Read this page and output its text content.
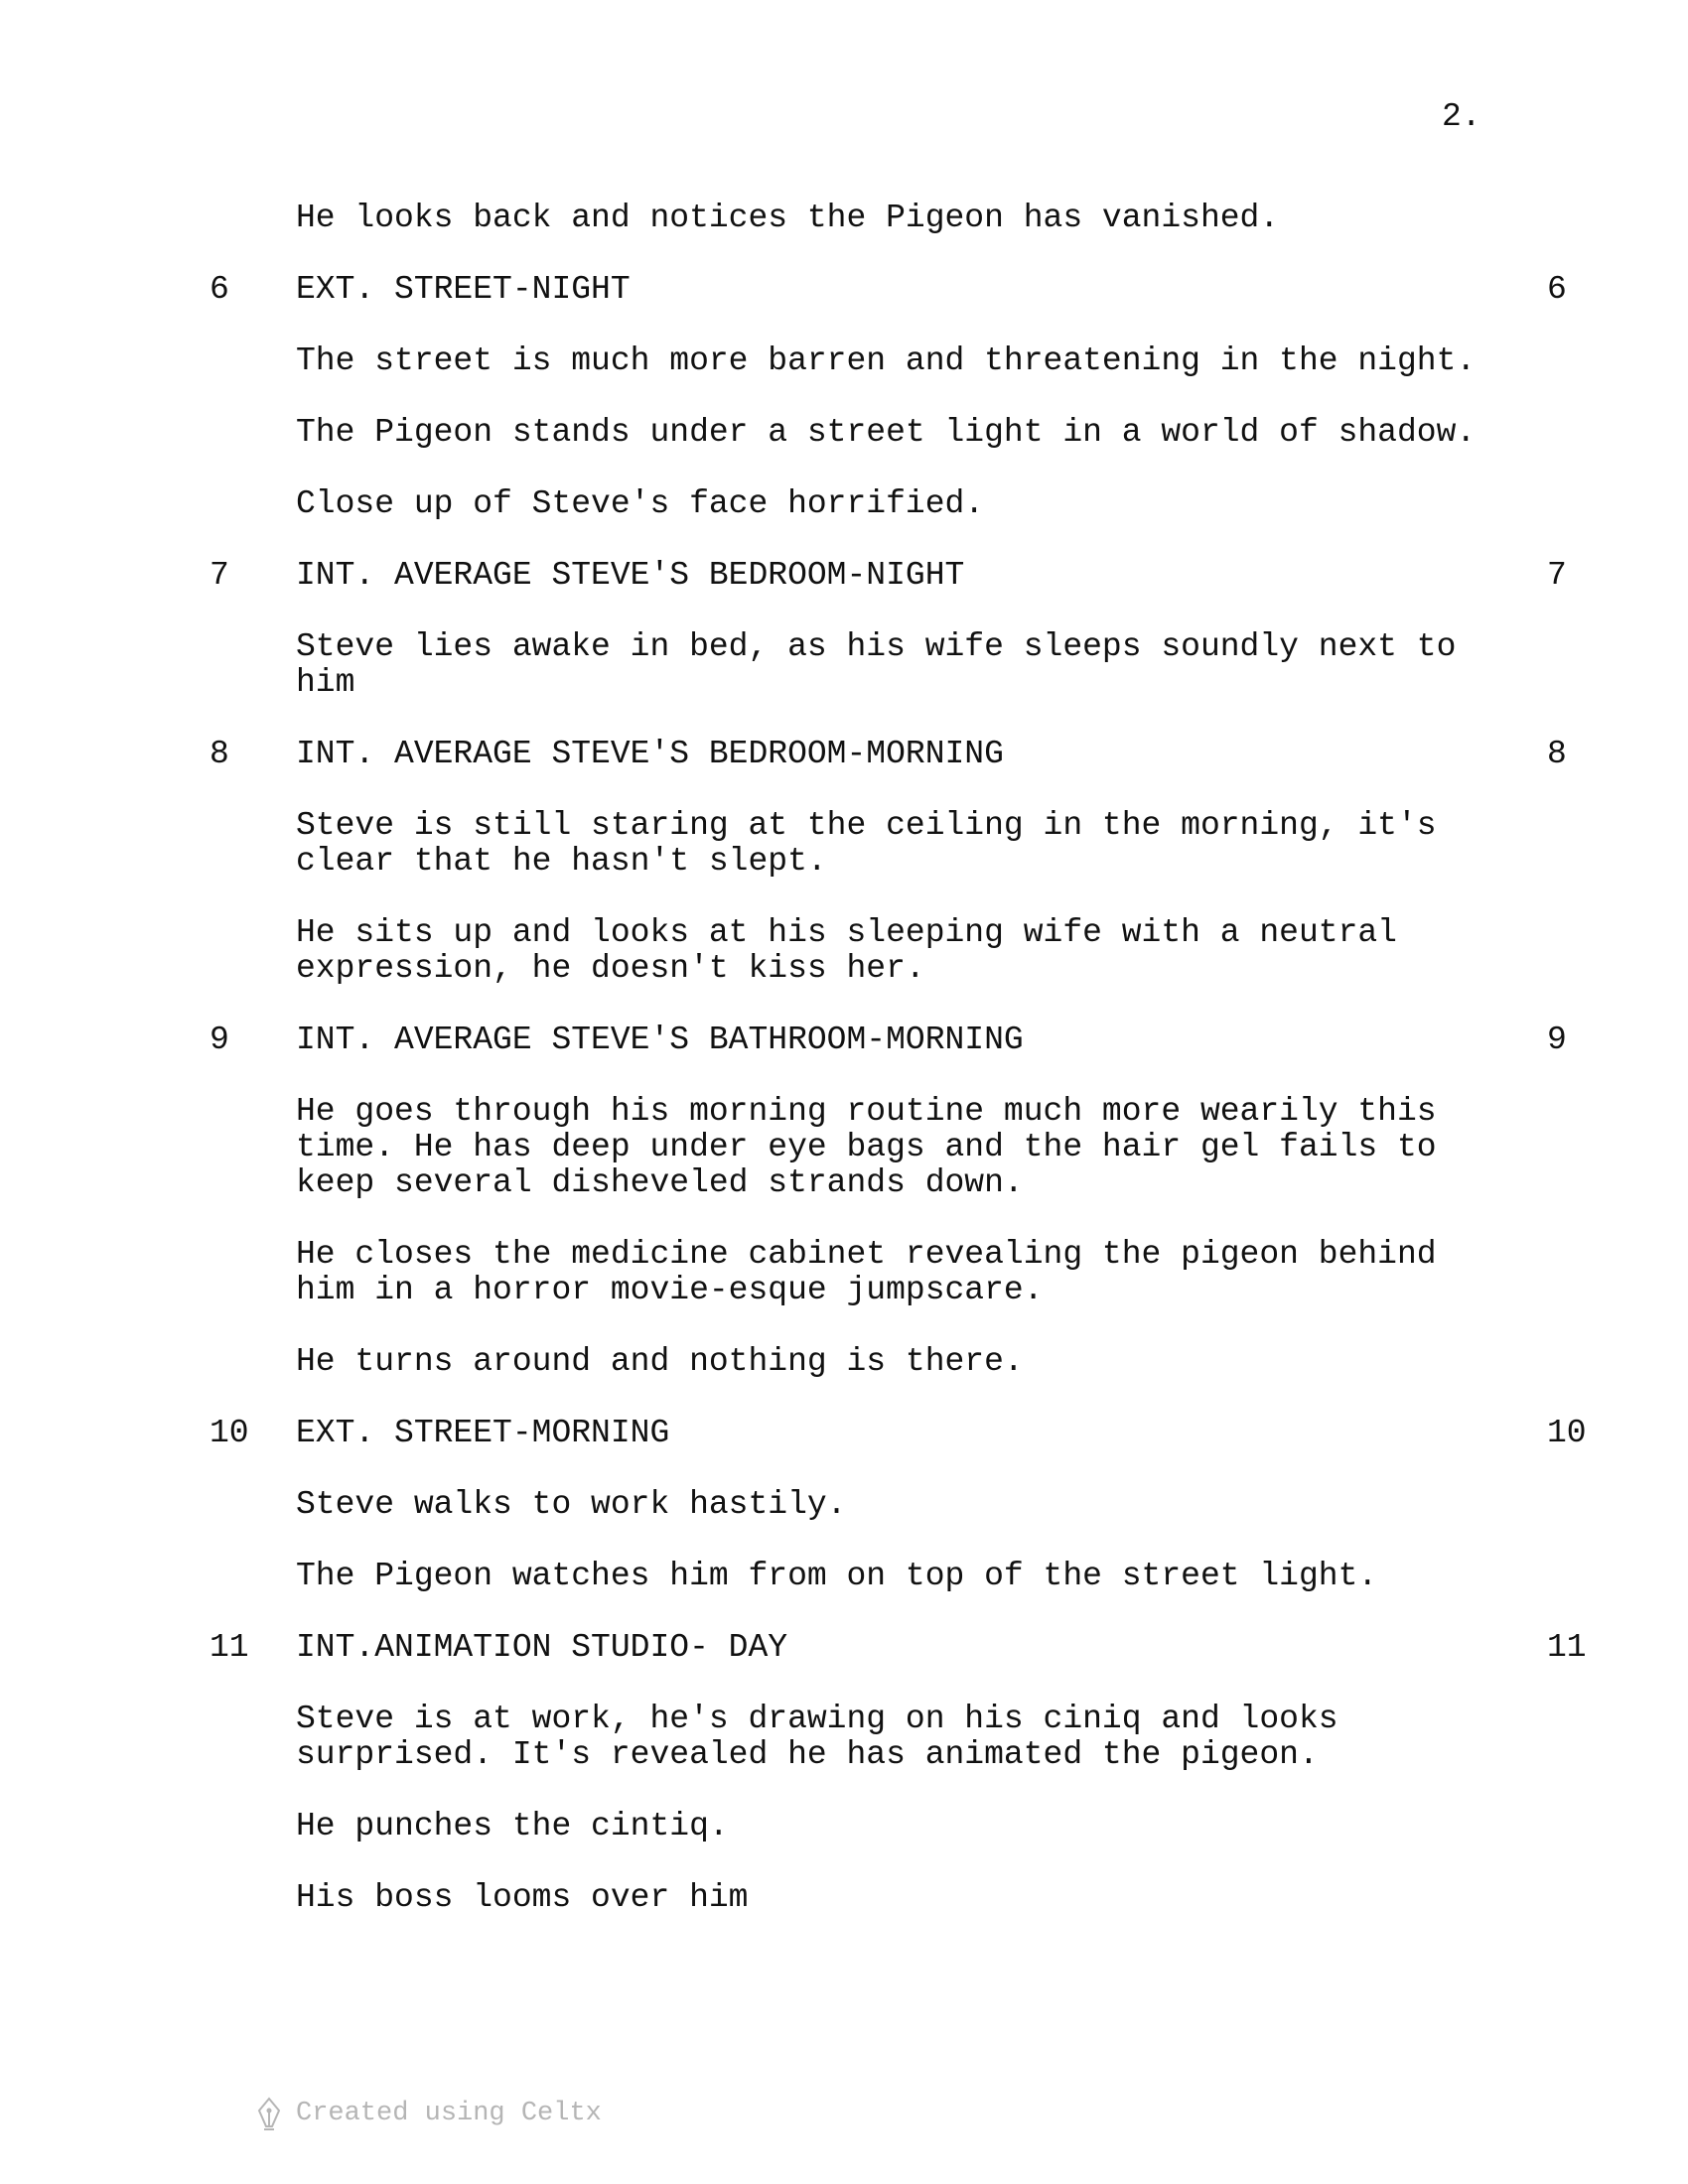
2.
He looks back and notices the Pigeon has vanished.
6 EXT. STREET-NIGHT	6
The street is much more barren and threatening in the night.
The Pigeon stands under a street light in a world of shadow.
Close up of Steve's face horrified.
7 INT. AVERAGE STEVE'S BEDROOM-NIGHT	7
Steve lies awake in bed, as his wife sleeps soundly next to
him
8 INT. AVERAGE STEVE'S BEDROOM-MORNING	8
Steve is still staring at the ceiling in the morning, it's
clear that he hasn't slept.
He sits up and looks at his sleeping wife with a neutral
expression, he doesn't kiss her.
9 INT. AVERAGE STEVE'S BATHROOM-MORNING	9
He goes through his morning routine much more wearily this
time. He has deep under eye bags and the hair gel fails to
keep several disheveled strands down.
He closes the medicine cabinet revealing the pigeon behind
him in a horror movie-esque jumpscare.
He turns around and nothing is there.
10 EXT. STREET-MORNING	10
Steve walks to work hastily.
The Pigeon watches him from on top of the street light.
11 INT.ANIMATION STUDIO- DAY	11
Steve is at work, he's drawing on his ciniq and looks
surprised. It's revealed he has animated the pigeon.
He punches the cintiq.
His boss looms over him
Created using Celtx
